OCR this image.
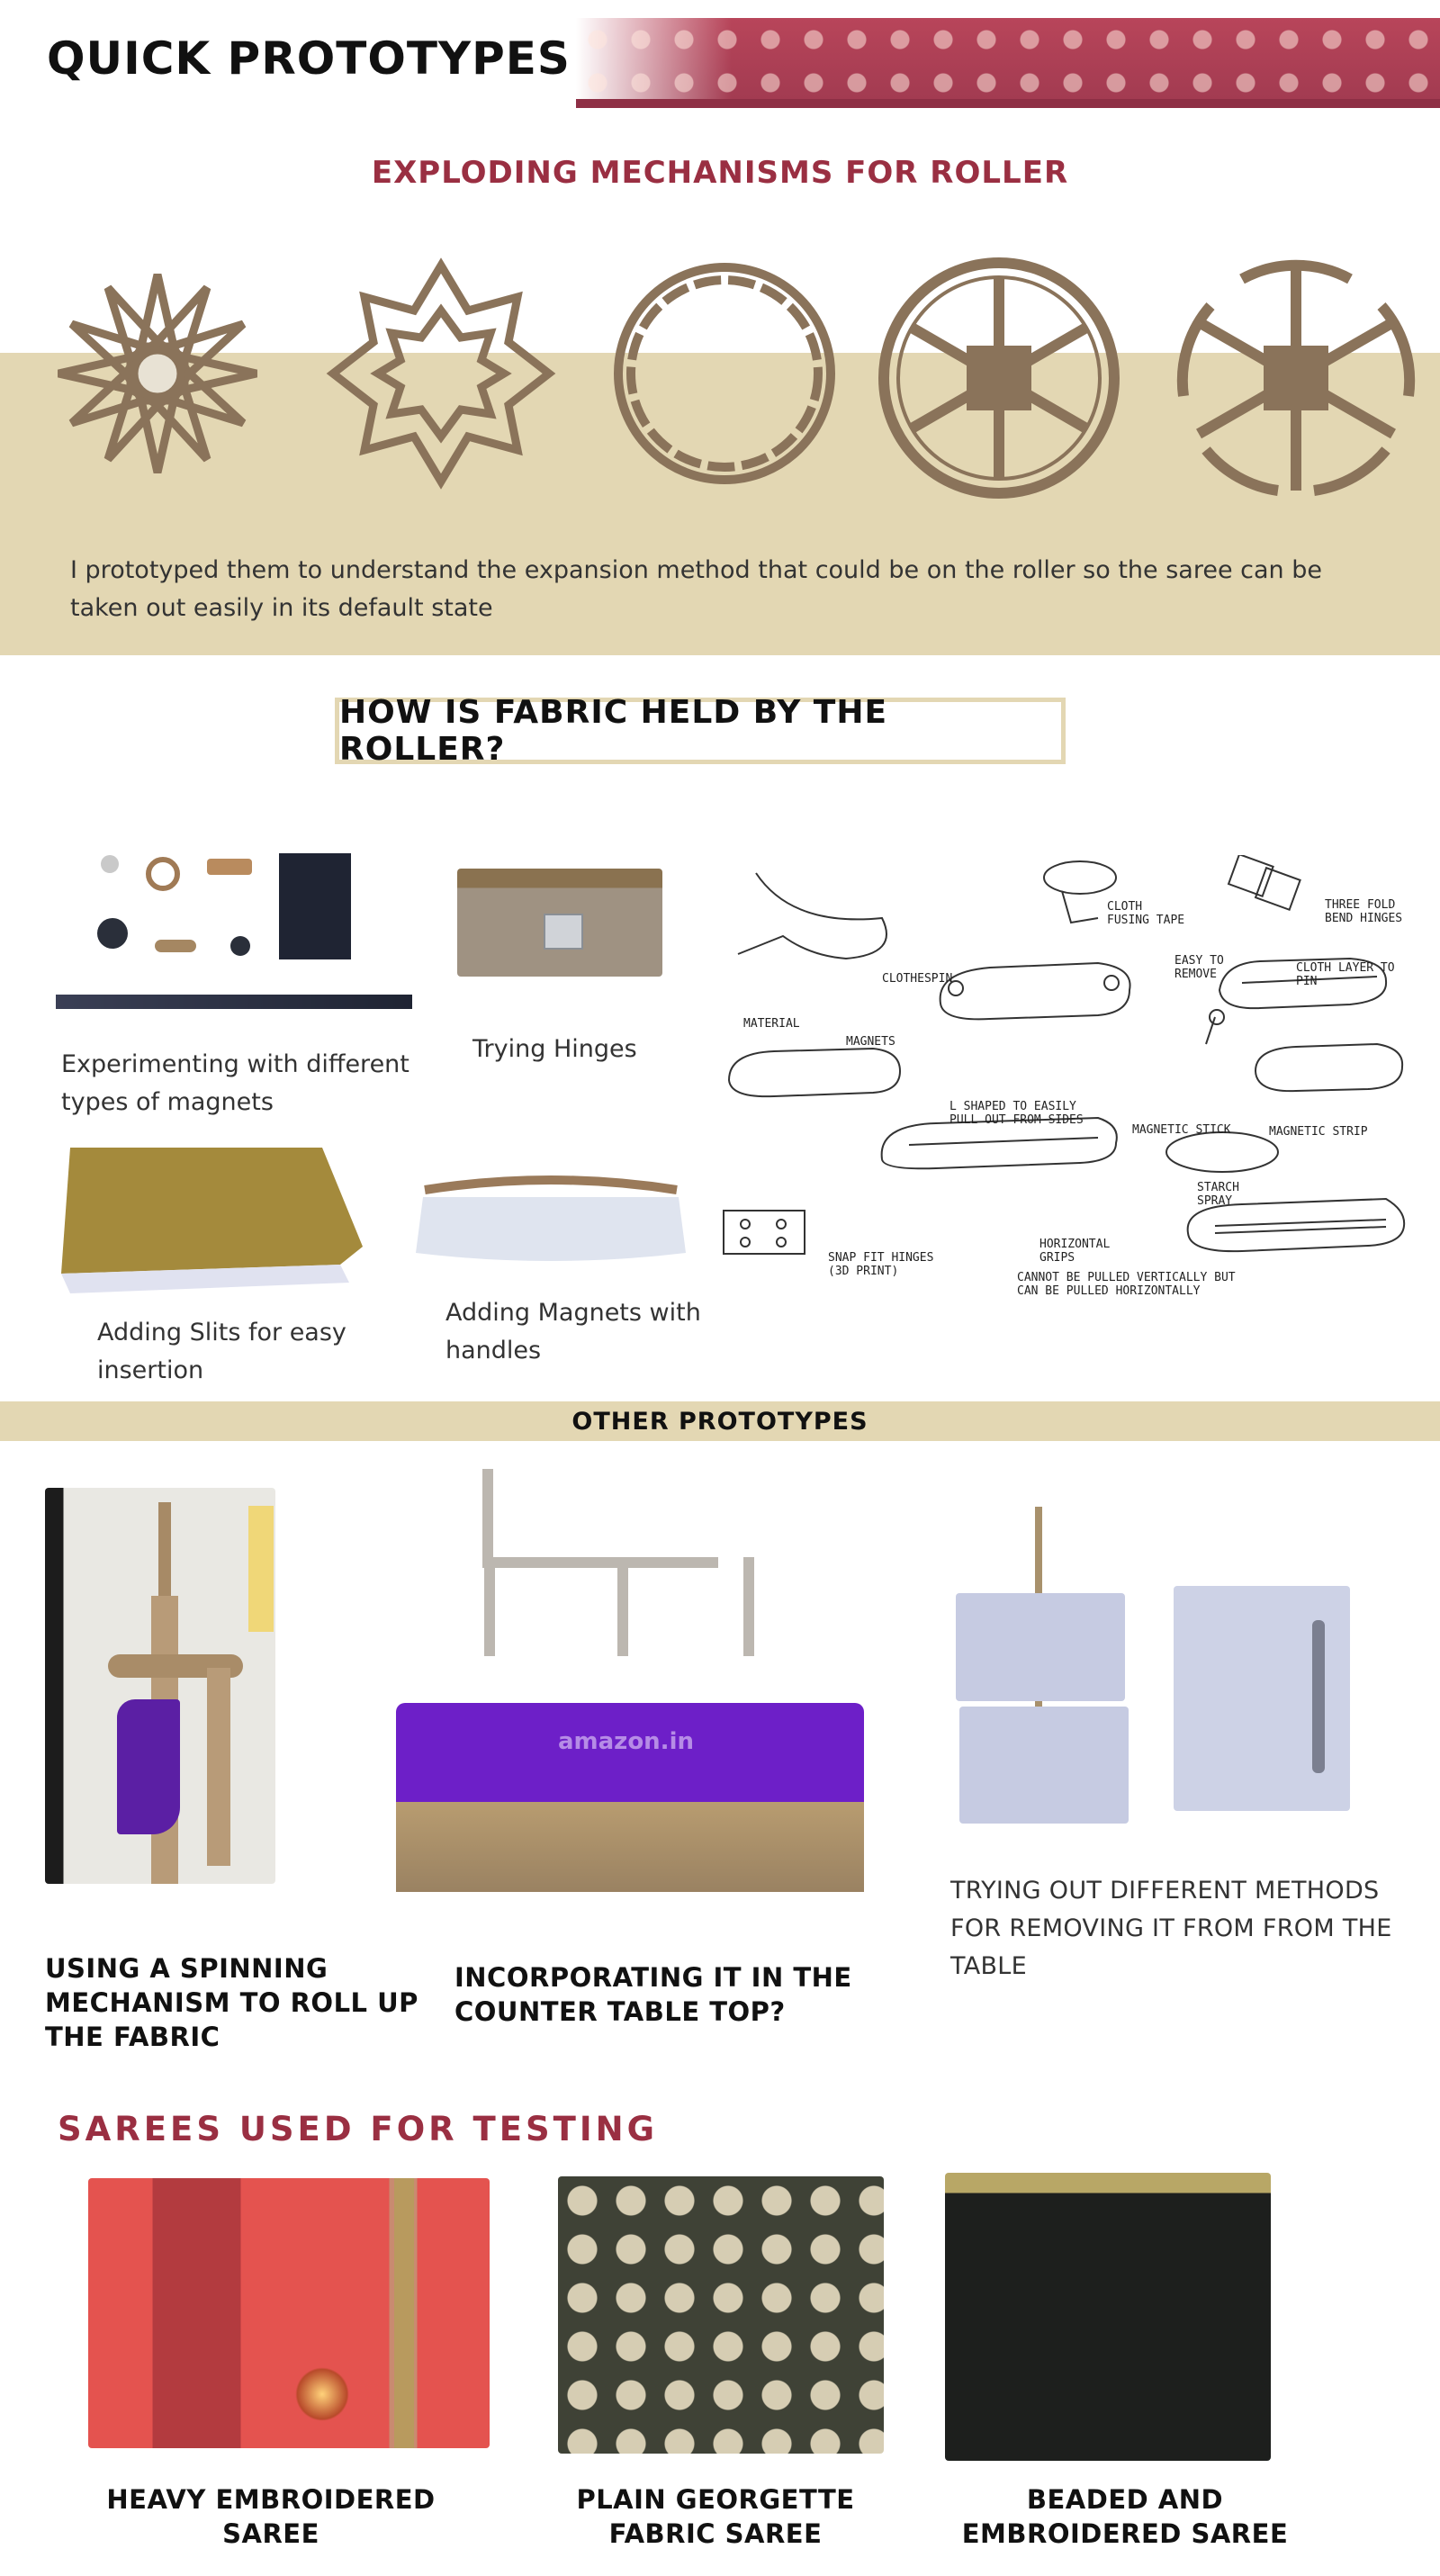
QUICK PROTOTYPES
EXPLODING MECHANISMS FOR ROLLER
I prototyped them to understand the expansion method that could be on the roller so the saree can be taken out easily in its default state
HOW IS FABRIC HELD BY THE ROLLER?
Experimenting with different types of magnets
Trying Hinges
Adding Slits for easy insertion
Adding Magnets with handles
CLOTHESPIN
CLOTH FUSING TAPE
THREE FOLD BEND HINGES
MATERIAL
MAGNETS
EASY TO REMOVE	CLOTH LAYER TO PIN
L SHAPED TO EASILY PULL OUT FROM SIDES
MAGNETIC STICK	MAGNETIC STRIP
STARCH SPRAY
SNAP FIT HINGES (3D PRINT)
HORIZONTAL GRIPS
CANNOT BE PULLED VERTICALLY BUT CAN BE PULLED HORIZONTALLY
OTHER PROTOTYPES
USING A SPINNING MECHANISM TO ROLL UP THE FABRIC
amazon.in
INCORPORATING IT IN THE COUNTER TABLE TOP?
TRYING OUT DIFFERENT METHODS FOR REMOVING IT FROM FROM THE TABLE
SAREES USED FOR TESTING
HEAVY EMBROIDERED SAREE
PLAIN GEORGETTE FABRIC SAREE
BEADED AND EMBROIDERED SAREE
